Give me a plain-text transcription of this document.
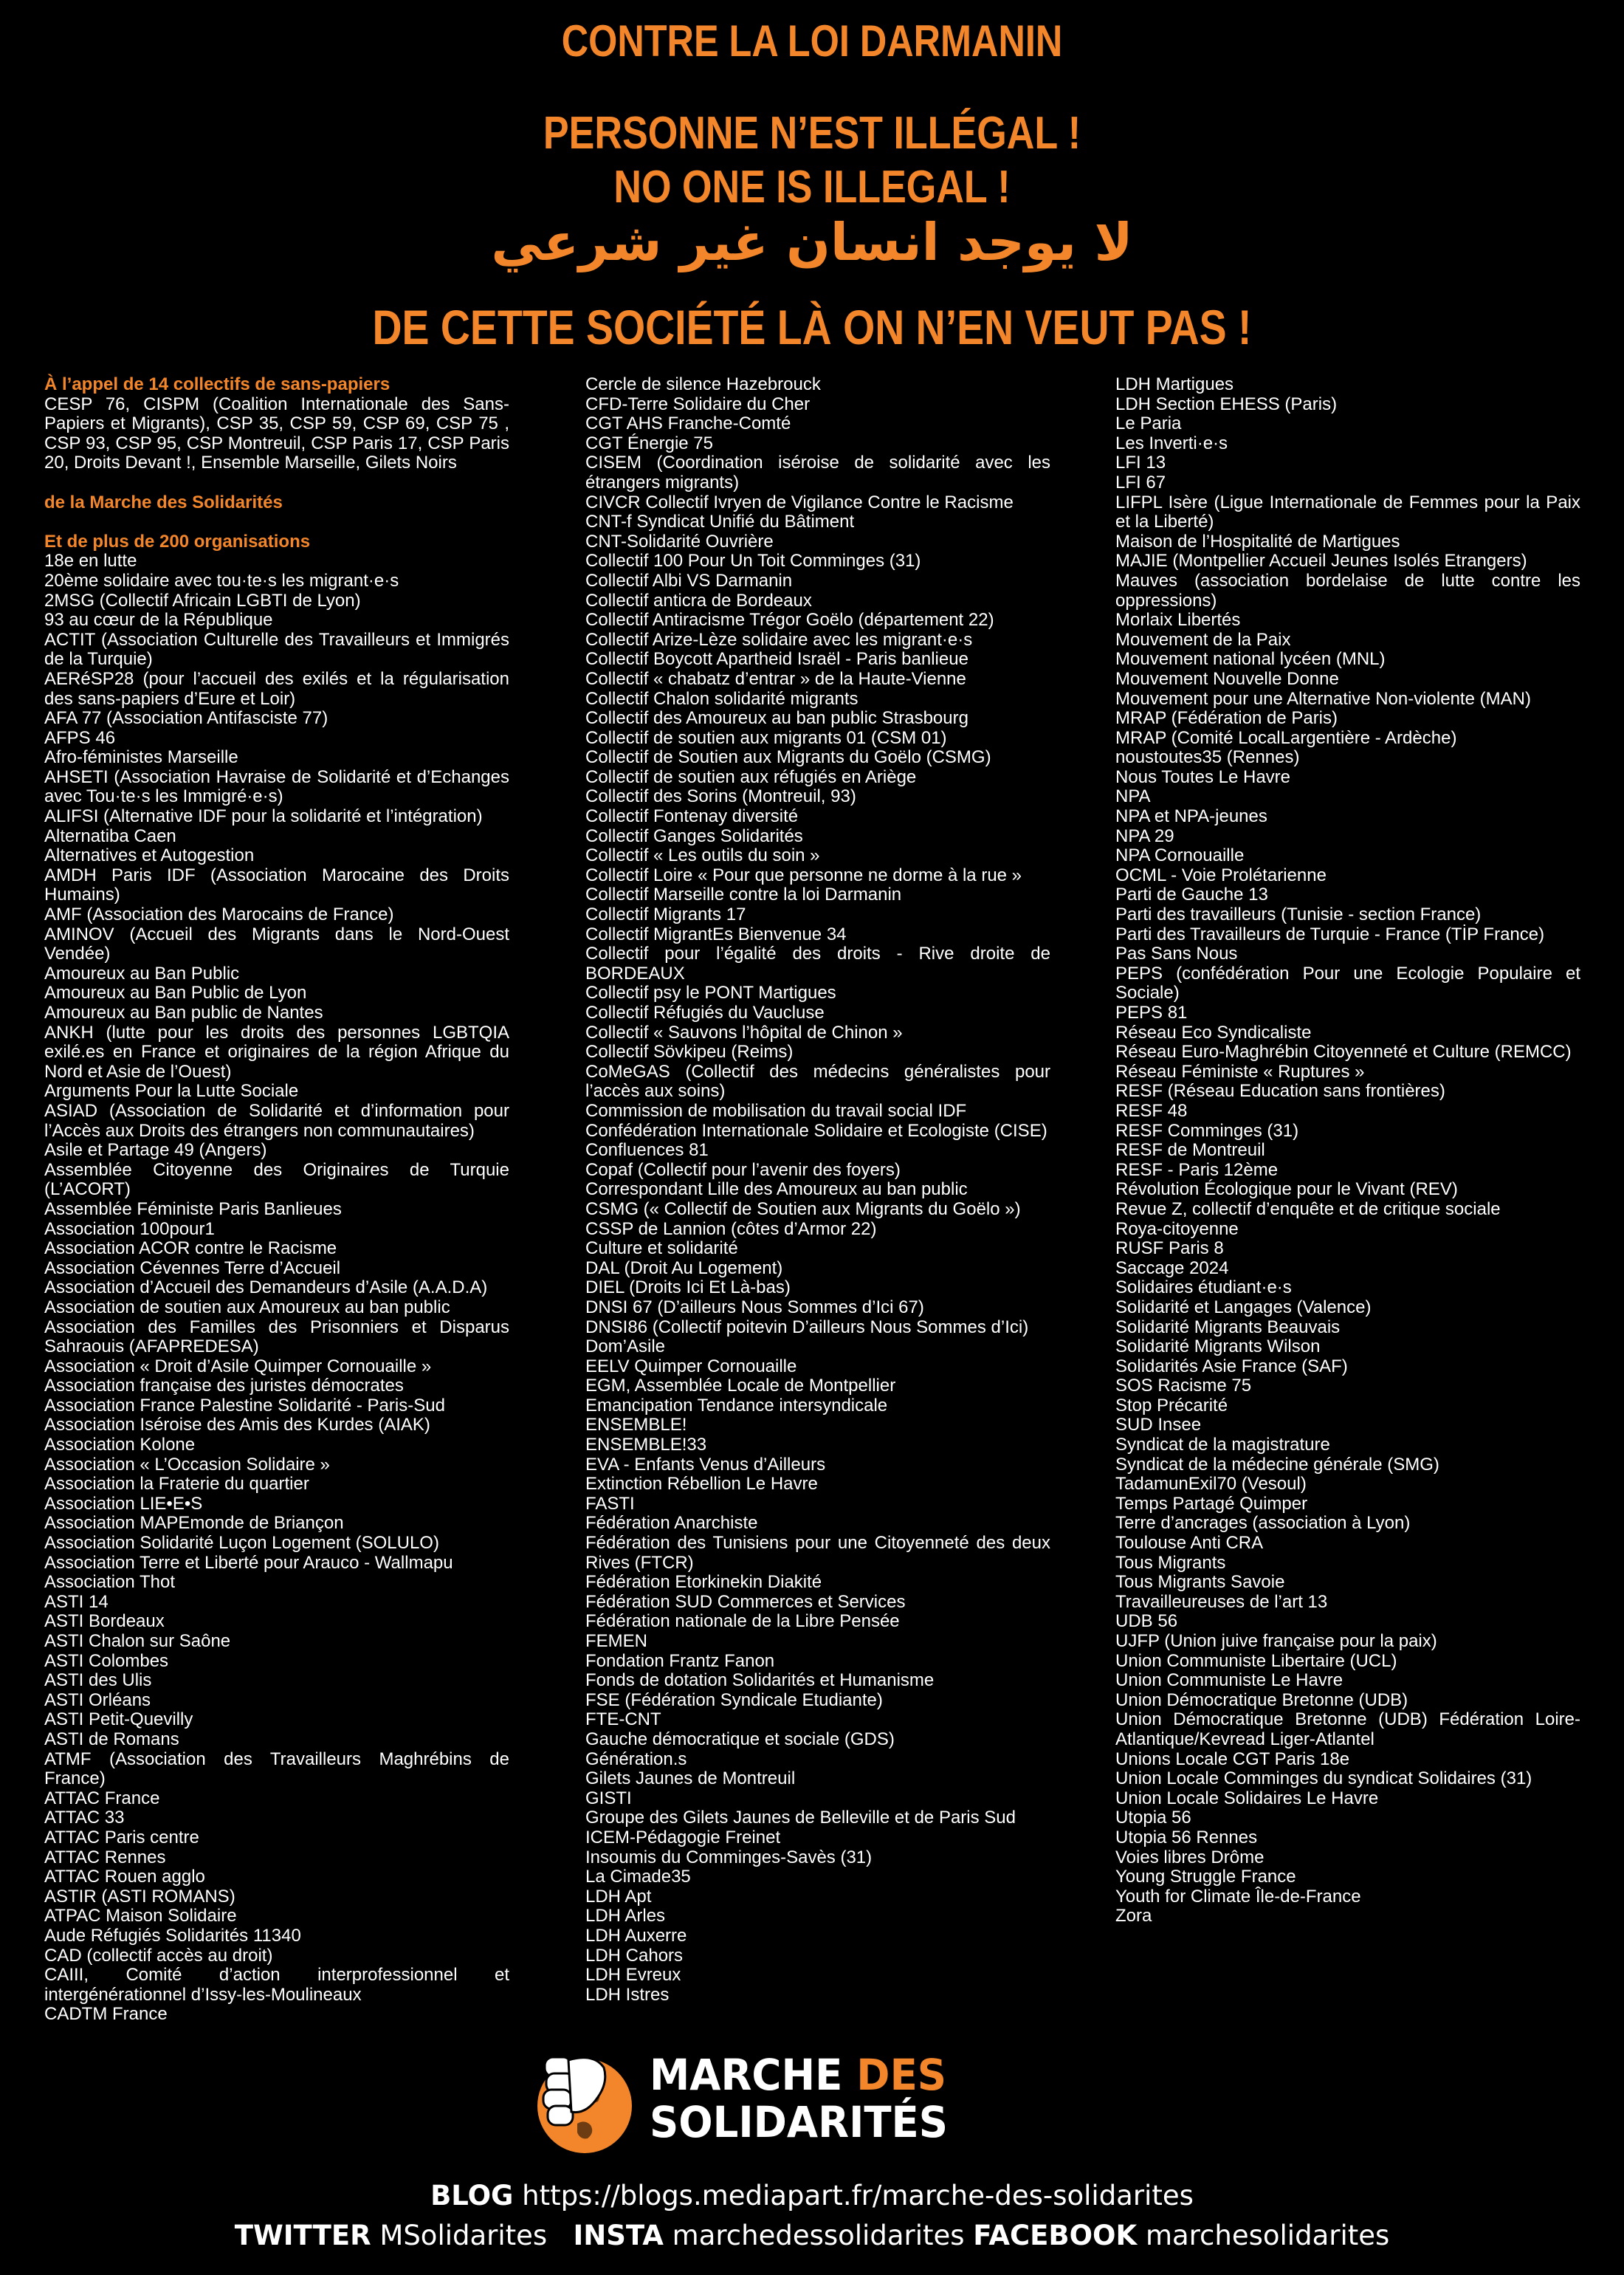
CONTRE LA LOI DARMANIN
PERSONNE N’EST ILLÉGAL !
NO ONE IS ILLEGAL !
لا يوجد انسان غير شرعي
DE CETTE SOCIÉTÉ LÀ ON N’EN VEUT PAS !

À l’appel de 14 collectifs de sans-papiers

CESP 76, CISPM (Coalition Internationale des Sans-Papiers et Migrants), CSP 35, CSP 59, CSP 69, CSP 75 , CSP 93, CSP 95, CSP Montreuil, CSP Paris 17, CSP Paris 20, Droits Devant !, Ensemble Marseille, Gilets Noirs

de la Marche des Solidarités

Et de plus de 200 organisations

18e en lutte

20ème solidaire avec tou·te·s les migrant·e·s

2MSG (Collectif Africain LGBTI de Lyon)

93 au cœur de la République

ACTIT (Association Culturelle des Travailleurs et Immigrés de la Turquie)

AERéSP28 (pour l’accueil des exilés et la régularisation des sans-papiers d’Eure et Loir)

AFA 77 (Association Antifasciste 77)

AFPS 46

Afro-féministes Marseille

AHSETI (Association Havraise de Solidarité et d’Echanges avec Tou·te·s les Immigré·e·s)

ALIFSI (Alternative IDF pour la solidarité et l’intégration)

Alternatiba Caen

Alternatives et Autogestion

AMDH Paris IDF (Association Marocaine des Droits Humains)

AMF (Association des Marocains de France)

AMINOV (Accueil des Migrants dans le Nord-Ouest Vendée)

Amoureux au Ban Public

Amoureux au Ban Public de Lyon

Amoureux au Ban public de Nantes

ANKH (lutte pour les droits des personnes LGBTQIA exilé.es en France et originaires de la région Afrique du Nord et Asie de l’Ouest)

Arguments Pour la Lutte Sociale

ASIAD (Association de Solidarité et d’information pour l’Accès aux Droits des étrangers non communautaires)

Asile et Partage 49 (Angers)

Assemblée Citoyenne des Originaires de Turquie (L’ACORT)

Assemblée Féministe Paris Banlieues

Association 100pour1

Association ACOR contre le Racisme

Association Cévennes Terre d’Accueil

Association d’Accueil des Demandeurs d’Asile (A.A.D.A)

Association de soutien aux Amoureux au ban public

Association des Familles des Prisonniers et Disparus Sahraouis (AFAPREDESA)

Association « Droit d’Asile Quimper Cornouaille »

Association française des juristes démocrates

Association France Palestine Solidarité - Paris-Sud

Association Iséroise des Amis des Kurdes (AIAK)

Association Kolone

Association « L’Occasion Solidaire »

Association la Fraterie du quartier

Association LIE•E•S

Association MAPEmonde de Briançon

Association Solidarité Luçon Logement (SOLULO)

Association Terre et Liberté pour Arauco - Wallmapu

Association Thot

ASTI 14

ASTI Bordeaux

ASTI Chalon sur Saône

ASTI Colombes

ASTI des Ulis

ASTI Orléans

ASTI Petit-Quevilly

ASTI de Romans

ATMF (Association des Travailleurs Maghrébins de France)

ATTAC France

ATTAC 33

ATTAC Paris centre

ATTAC Rennes

ATTAC Rouen agglo

ASTIR (ASTI ROMANS)

ATPAC Maison Solidaire

Aude Réfugiés Solidarités 11340

CAD (collectif accès au droit)

CAIII, Comité d’action interprofessionnel et intergénérationnel d’Issy-les-Moulineaux

CADTM France

Cercle de silence Hazebrouck

CFD-Terre Solidaire du Cher

CGT AHS Franche-Comté

CGT Énergie 75

CISEM (Coordination iséroise de solidarité avec les étrangers migrants)

CIVCR Collectif Ivryen de Vigilance Contre le Racisme

CNT-f Syndicat Unifié du Bâtiment

CNT-Solidarité Ouvrière

Collectif 100 Pour Un Toit Comminges (31)

Collectif Albi VS Darmanin

Collectif anticra de Bordeaux

Collectif Antiracisme Trégor Goëlo (département 22)

Collectif Arize-Lèze solidaire avec les migrant·e·s

Collectif Boycott Apartheid Israël - Paris banlieue

Collectif « chabatz d’entrar » de la Haute-Vienne

Collectif Chalon solidarité migrants

Collectif des Amoureux au ban public Strasbourg

Collectif de soutien aux migrants 01 (CSM 01)

Collectif de Soutien aux Migrants du Goëlo (CSMG)

Collectif de soutien aux réfugiés en Ariège

Collectif des Sorins (Montreuil, 93)

Collectif Fontenay diversité

Collectif Ganges Solidarités

Collectif « Les outils du soin »

Collectif Loire « Pour que personne ne dorme à la rue »

Collectif Marseille contre la loi Darmanin

Collectif Migrants 17

Collectif MigrantEs Bienvenue 34

Collectif pour l’égalité des droits - Rive droite de BORDEAUX

Collectif psy le PONT Martigues

Collectif Réfugiés du Vaucluse

Collectif « Sauvons l’hôpital de Chinon »

Collectif Sövkipeu (Reims)

CoMeGAS (Collectif des médecins généralistes pour l’accès aux soins)

Commission de mobilisation du travail social IDF

Confédération Internationale Solidaire et Ecologiste (CISE)

Confluences 81

Copaf (Collectif pour l’avenir des foyers)

Correspondant Lille des Amoureux au ban public

CSMG (« Collectif de Soutien aux Migrants du Goëlo »)

CSSP de Lannion (côtes d’Armor 22)

Culture et solidarité

DAL (Droit Au Logement)

DIEL (Droits Ici Et Là-bas)

DNSI 67 (D’ailleurs Nous Sommes d’Ici 67)

DNSI86 (Collectif poitevin D’ailleurs Nous Sommes d’Ici)

Dom’Asile

EELV Quimper Cornouaille

EGM, Assemblée Locale de Montpellier

Emancipation Tendance intersyndicale

ENSEMBLE!

ENSEMBLE!33

EVA - Enfants Venus d’Ailleurs

Extinction Rébellion Le Havre

FASTI

Fédération Anarchiste

Fédération des Tunisiens pour une Citoyenneté des deux Rives (FTCR)

Fédération Etorkinekin Diakité

Fédération SUD Commerces et Services

Fédération nationale de la Libre Pensée

FEMEN

Fondation Frantz Fanon

Fonds de dotation Solidarités et Humanisme

FSE (Fédération Syndicale Etudiante)

FTE-CNT

Gauche démocratique et sociale (GDS)

Génération.s

Gilets Jaunes de Montreuil

GISTI

Groupe des Gilets Jaunes de Belleville et de Paris Sud

ICEM-Pédagogie Freinet

Insoumis du Comminges-Savès (31)

La Cimade35

LDH Apt

LDH Arles

LDH Auxerre

LDH Cahors

LDH Evreux

LDH Istres

LDH Martigues

LDH Section EHESS (Paris)

Le Paria

Les Inverti·e·s

LFI 13

LFI 67

LIFPL Isère (Ligue Internationale de Femmes pour la Paix et la Liberté)

Maison de l’Hospitalité de Martigues

MAJIE (Montpellier Accueil Jeunes Isolés Etrangers)

Mauves (association bordelaise de lutte contre les oppressions)

Morlaix Libertés

Mouvement de la Paix

Mouvement national lycéen (MNL)

Mouvement Nouvelle Donne

Mouvement pour une Alternative Non-violente (MAN)

MRAP (Fédération de Paris)

MRAP (Comité LocalLargentière - Ardèche)

noustoutes35 (Rennes)

Nous Toutes Le Havre

NPA

NPA et NPA-jeunes

NPA 29

NPA Cornouaille

OCML - Voie Prolétarienne

Parti de Gauche 13

Parti des travailleurs (Tunisie - section France)

Parti des Travailleurs de Turquie - France (TİP France)

Pas Sans Nous

PEPS (confédération Pour une Ecologie Populaire et Sociale)

PEPS 81

Réseau Eco Syndicaliste

Réseau Euro-Maghrébin Citoyenneté et Culture (REMCC)

Réseau Féministe « Ruptures »

RESF (Réseau Education sans frontières)

RESF 48

RESF Comminges (31)

RESF de Montreuil

RESF - Paris 12ème

Révolution Écologique pour le Vivant (REV)

Revue Z, collectif d’enquête et de critique sociale

Roya-citoyenne

RUSF Paris 8

Saccage 2024

Solidaires étudiant·e·s

Solidarité et Langages (Valence)

Solidarité Migrants Beauvais

Solidarité Migrants Wilson

Solidarités Asie France (SAF)

SOS Racisme 75

Stop Précarité

SUD Insee

Syndicat de la magistrature

Syndicat de la médecine générale (SMG)

TadamunExil70 (Vesoul)

Temps Partagé Quimper

Terre d’ancrages (association à Lyon)

Toulouse Anti CRA

Tous Migrants

Tous Migrants Savoie

Travailleureuses de l’art 13

UDB 56

UJFP (Union juive française pour la paix)

Union Communiste Libertaire (UCL)

Union Communiste Le Havre

Union Démocratique Bretonne (UDB)

Union Démocratique Bretonne (UDB) Fédération Loire-Atlantique/Kevread Liger-Atlantel

Unions Locale CGT Paris 18e

Union Locale Comminges du syndicat Solidaires (31)

Union Locale Solidaires Le Havre

Utopia 56

Utopia 56 Rennes

Voies libres Drôme

Young Struggle France

Youth for Climate Île-de-France

Zora

MARCHE DES
SOLIDARITÉS
BLOG https://blogs.mediapart.fr/marche-des-solidarites
TWITTER MSolidarites INSTA marchedessolidarites FACEBOOK marchesolidarites
